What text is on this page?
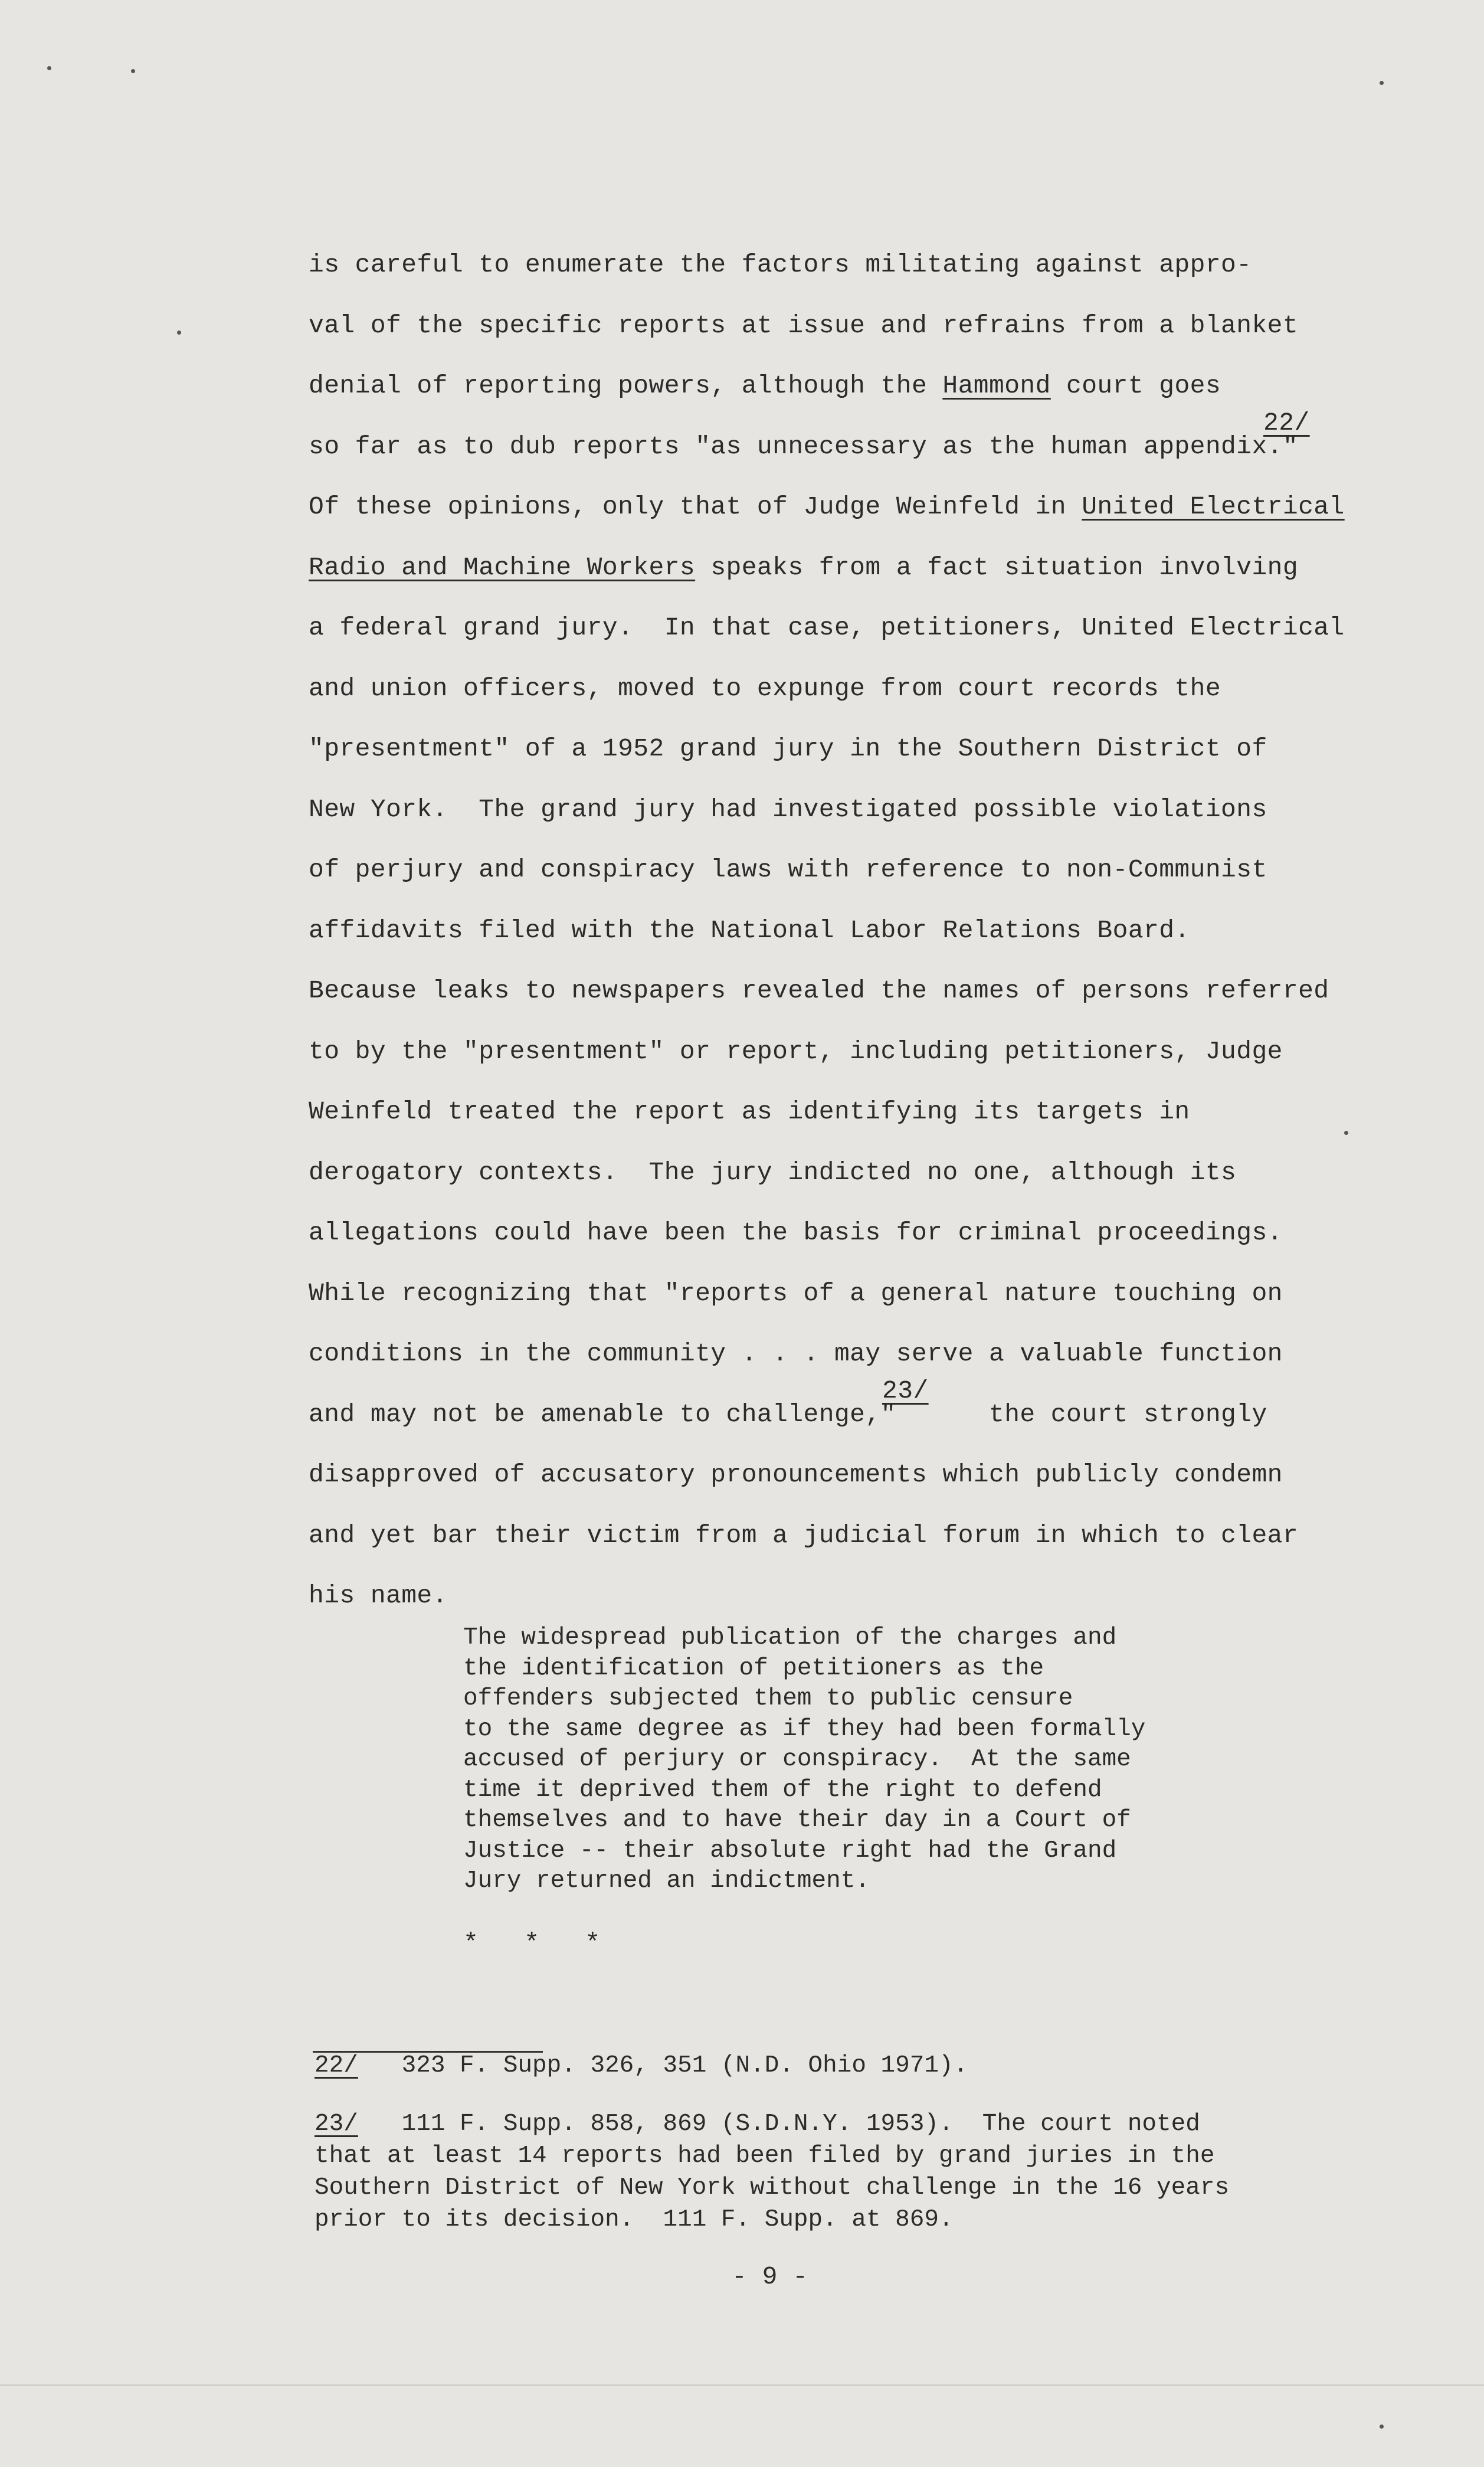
is careful to enumerate the factors militating against appro-
val of the specific reports at issue and refrains from a blanket
denial of reporting powers, although the Hammond court goes
so far as to dub reports "as unnecessary as the human appendix."
22/
Of these opinions, only that of Judge Weinfeld in United Electrical
Radio and Machine Workers speaks from a fact situation involving
a federal grand jury.  In that case, petitioners, United Electrical
and union officers, moved to expunge from court records the
"presentment" of a 1952 grand jury in the Southern District of
New York.  The grand jury had investigated possible violations
of perjury and conspiracy laws with reference to non-Communist
affidavits filed with the National Labor Relations Board.
Because leaks to newspapers revealed the names of persons referred
to by the "presentment" or report, including petitioners, Judge
Weinfeld treated the report as identifying its targets in
derogatory contexts.  The jury indicted no one, although its
allegations could have been the basis for criminal proceedings.
While recognizing that "reports of a general nature touching on
conditions in the community . . . may serve a valuable function
and may not be amenable to challenge,"      the court strongly
23/
disapproved of accusatory pronouncements which publicly condemn
and yet bar their victim from a judicial forum in which to clear
his name.
The widespread publication of the charges and
the identification of petitioners as the
offenders subjected them to public censure
to the same degree as if they had been formally
accused of perjury or conspiracy.  At the same
time it deprived them of the right to defend
themselves and to have their day in a Court of
Justice -- their absolute right had the Grand
Jury returned an indictment.
*   *   *
22/   323 F. Supp. 326, 351 (N.D. Ohio 1971).
23/   111 F. Supp. 858, 869 (S.D.N.Y. 1953).  The court noted
that at least 14 reports had been filed by grand juries in the
Southern District of New York without challenge in the 16 years
prior to its decision.  111 F. Supp. at 869.
- 9 -
